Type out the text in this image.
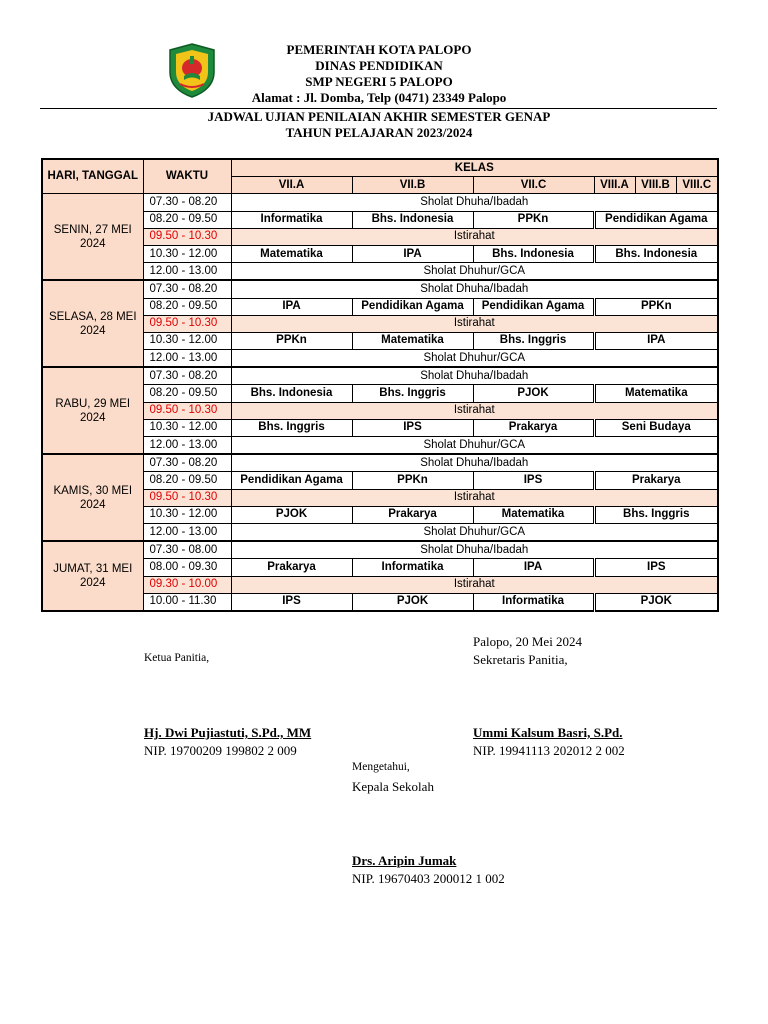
PEMERINTAH KOTA PALOPO
DINAS PENDIDIKAN
SMP NEGERI 5 PALOPO
Alamat : Jl. Domba, Telp (0471) 23349 Palopo
JADWAL UJIAN PENILAIAN AKHIR SEMESTER GENAP
TAHUN PELAJARAN 2023/2024
HARI, TANGGAL	WAKTU	KELAS					
		VII.A	VII.B	VII.C	VIII.A	VIII.B	VIII.C
SENIN, 27 MEI 2024	07.30 - 08.20	Sholat Dhuha/Ibadah					
	08.20 - 09.50	Informatika	Bhs. Indonesia	PPKn	Pendidikan Agama		
	09.50 - 10.30	Istirahat					
	10.30 - 12.00	Matematika	IPA	Bhs. Indonesia	Bhs. Indonesia		
	12.00 - 13.00	Sholat Dhuhur/GCA					
SELASA, 28 MEI 2024	07.30 - 08.20	Sholat Dhuha/Ibadah					
	08.20 - 09.50	IPA	Pendidikan Agama	Pendidikan Agama	PPKn		
	09.50 - 10.30	Istirahat					
	10.30 - 12.00	PPKn	Matematika	Bhs. Inggris	IPA		
	12.00 - 13.00	Sholat Dhuhur/GCA					
RABU, 29 MEI 2024	07.30 - 08.20	Sholat Dhuha/Ibadah					
	08.20 - 09.50	Bhs. Indonesia	Bhs. Inggris	PJOK	Matematika		
	09.50 - 10.30	Istirahat					
	10.30 - 12.00	Bhs. Inggris	IPS	Prakarya	Seni Budaya		
	12.00 - 13.00	Sholat Dhuhur/GCA					
KAMIS, 30 MEI 2024	07.30 - 08.20	Sholat Dhuha/Ibadah					
	08.20 - 09.50	Pendidikan Agama	PPKn	IPS	Prakarya		
	09.50 - 10.30	Istirahat					
	10.30 - 12.00	PJOK	Prakarya	Matematika	Bhs. Inggris		
	12.00 - 13.00	Sholat Dhuhur/GCA					
JUMAT, 31 MEI 2024	07.30 - 08.00	Sholat Dhuha/Ibadah					
	08.00 - 09.30	Prakarya	Informatika	IPA	IPS		
	09.30 - 10.00	Istirahat					
	10.00 - 11.30	IPS	PJOK	Informatika	PJOK		
Palopo, 20 Mei 2024
Ketua Panitia,	Sekretaris Panitia,
Hj. Dwi Pujiastuti, S.Pd., MM
NIP. 19700209 199802 2 009
Ummi Kalsum Basri, S.Pd.
NIP. 19941113 202012 2 002
Mengetahui,
Kepala Sekolah
Drs. Aripin Jumak
NIP. 19670403 200012 1 002
